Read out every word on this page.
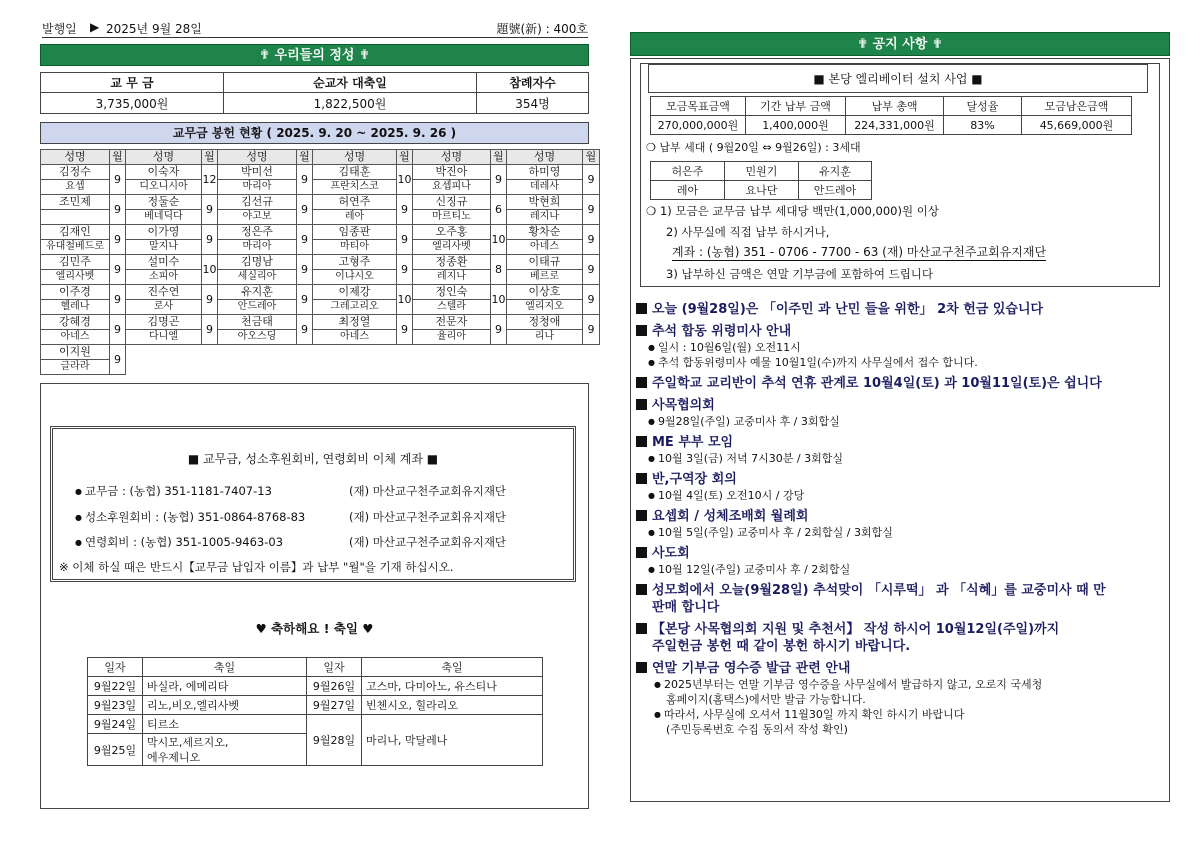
발행일 ▶ 2025년 9월 28일	題號(新) : 400호
✟ 우리들의 정성 ✟
교 무 금	순교자 대축일	참례자수
3,735,000원	1,822,500원	354명
교무금 봉헌 현황 ( 2025. 9. 20 ~ 2025. 9. 26 )
성명	월	성명	월	성명	월	성명	월	성명	월	성명	월
김정수	9	이숙자	12	박미선	9	김태훈	10	박진아	9	하미영	9
요셉		디오니시아		마리아		프란치스코		요셉피나		데레사	
조민제	9	정둘순	9	김선규	9	허연주	9	신징규	6	박현희	9
		베네딕다		야고보		레아		마르티노		레지나	
김재인	9	이가영	9	정은주	9	임종판	9	오주홍	10	황차순	9
유대철베드로		말지나		마리아		마티아		엘리사벳		아네스	
김민주	9	설미수	10	김명남	9	고형주	9	정종환	8	이태규	9
엘리사벳		소피아		세실리아		이냐시오		레지나		베르로	
이주경	9	진수연	9	유지훈	9	이제강	10	정인숙	10	이상호	9
헬레나		로사		안드레아		그레고리오		스텔라		엘리지오	
강혜경	9	김명곤	9	천금태	9	최정열	9	전문자	9	정청애	9
아네스		다니엘		아오스딩		아네스		율리아		리나	
이지원	9										
글라라											
■ 교무금, 성소후원회비, 연령회비 이체 계좌 ■
● 교무금 : (농협) 351-1181-7407-13	(재) 마산교구천주교회유지재단
● 성소후원회비 : (농협) 351-0864-8768-83	(재) 마산교구천주교회유지재단
● 연령회비 : (농협) 351-1005-9463-03	(재) 마산교구천주교회유지재단
※ 이체 하실 때은 반드시【교무금 납입자 이름】과 납부 "월"을 기재 하십시오.
♥ 축하해요 ! 축일 ♥
일자	축일	일자	축일
9월22일	바실라, 에메리타	9월26일	고스마, 다미아노, 유스티나
9월23일	리노,비오,엘리사벳	9월27일	빈첸시오, 힐라리오
9월24일	티르소	9월28일	마리나, 막달레나
9월25일	막시모,세르지오,
에우제니오		
✟ 공지 사항 ✟
■ 본당 엘리베이터 설치 사업 ■
모금목표금액	기간 납부 금액	납부 총액	달성율	모금남은금액
270,000,000원	1,400,000원	224,331,000원	83%	45,669,000원
❍ 납부 세대 ( 9월20일 ⇔ 9월26일) : 3세대
허은주	민원기	유지훈
레아	요나단	안드레아
❍ 1) 모금은 교무금 납부 세대당 백만(1,000,000)원 이상
2) 사무실에 직접 납부 하시거나,
계좌 : (농협) 351 - 0706 - 7700 - 63 (재) 마산교구천주교회유지재단
3) 납부하신 금액은 연말 기부금에 포함하여 드립니다
오늘 (9월28일)은 「이주민 과 난민 들을 위한」 2차 헌금 있습니다
추석 합동 위령미사 안내
● 일시 : 10월6일(월) 오전11시
● 추석 합동위령미사 예물 10월1일(수)까지 사무실에서 접수 합니다.
주일학교 교리반이 추석 연휴 관계로 10월4일(토) 과 10월11일(토)은 쉽니다
사목협의회
● 9월28일(주일) 교중미사 후 / 3회합실
ME 부부 모임
● 10월 3일(금) 저녁 7시30분 / 3회합실
반,구역장 회의
● 10월 4일(토) 오전10시 / 강당
요셉회 / 성체조배회 월례회
● 10월 5일(주일) 교중미사 후 / 2회합실 / 3회합실
사도회
● 10월 12일(주일) 교중미사 후 / 2회합실
성모회에서 오늘(9월28일) 추석맞이 「시루떡」 과 「식혜」를 교중미사 때 만
판매 합니다
【본당 사목협의회 지원 및 추천서】 작성 하시어 10월12일(주일)까지
주일헌금 봉헌 때 같이 봉헌 하시기 바랍니다.
연말 기부금 영수증 발급 관련 안내
● 2025년부터는 연말 기부금 영수증을 사무실에서 발급하지 않고, 오로지 국세청
홈페이지(홈택스)에서만 발급 가능합니다.
● 따라서, 사무실에 오셔서 11월30일 까지 확인 하시기 바랍니다
(주민등록번호 수집 동의서 작성 확인)
